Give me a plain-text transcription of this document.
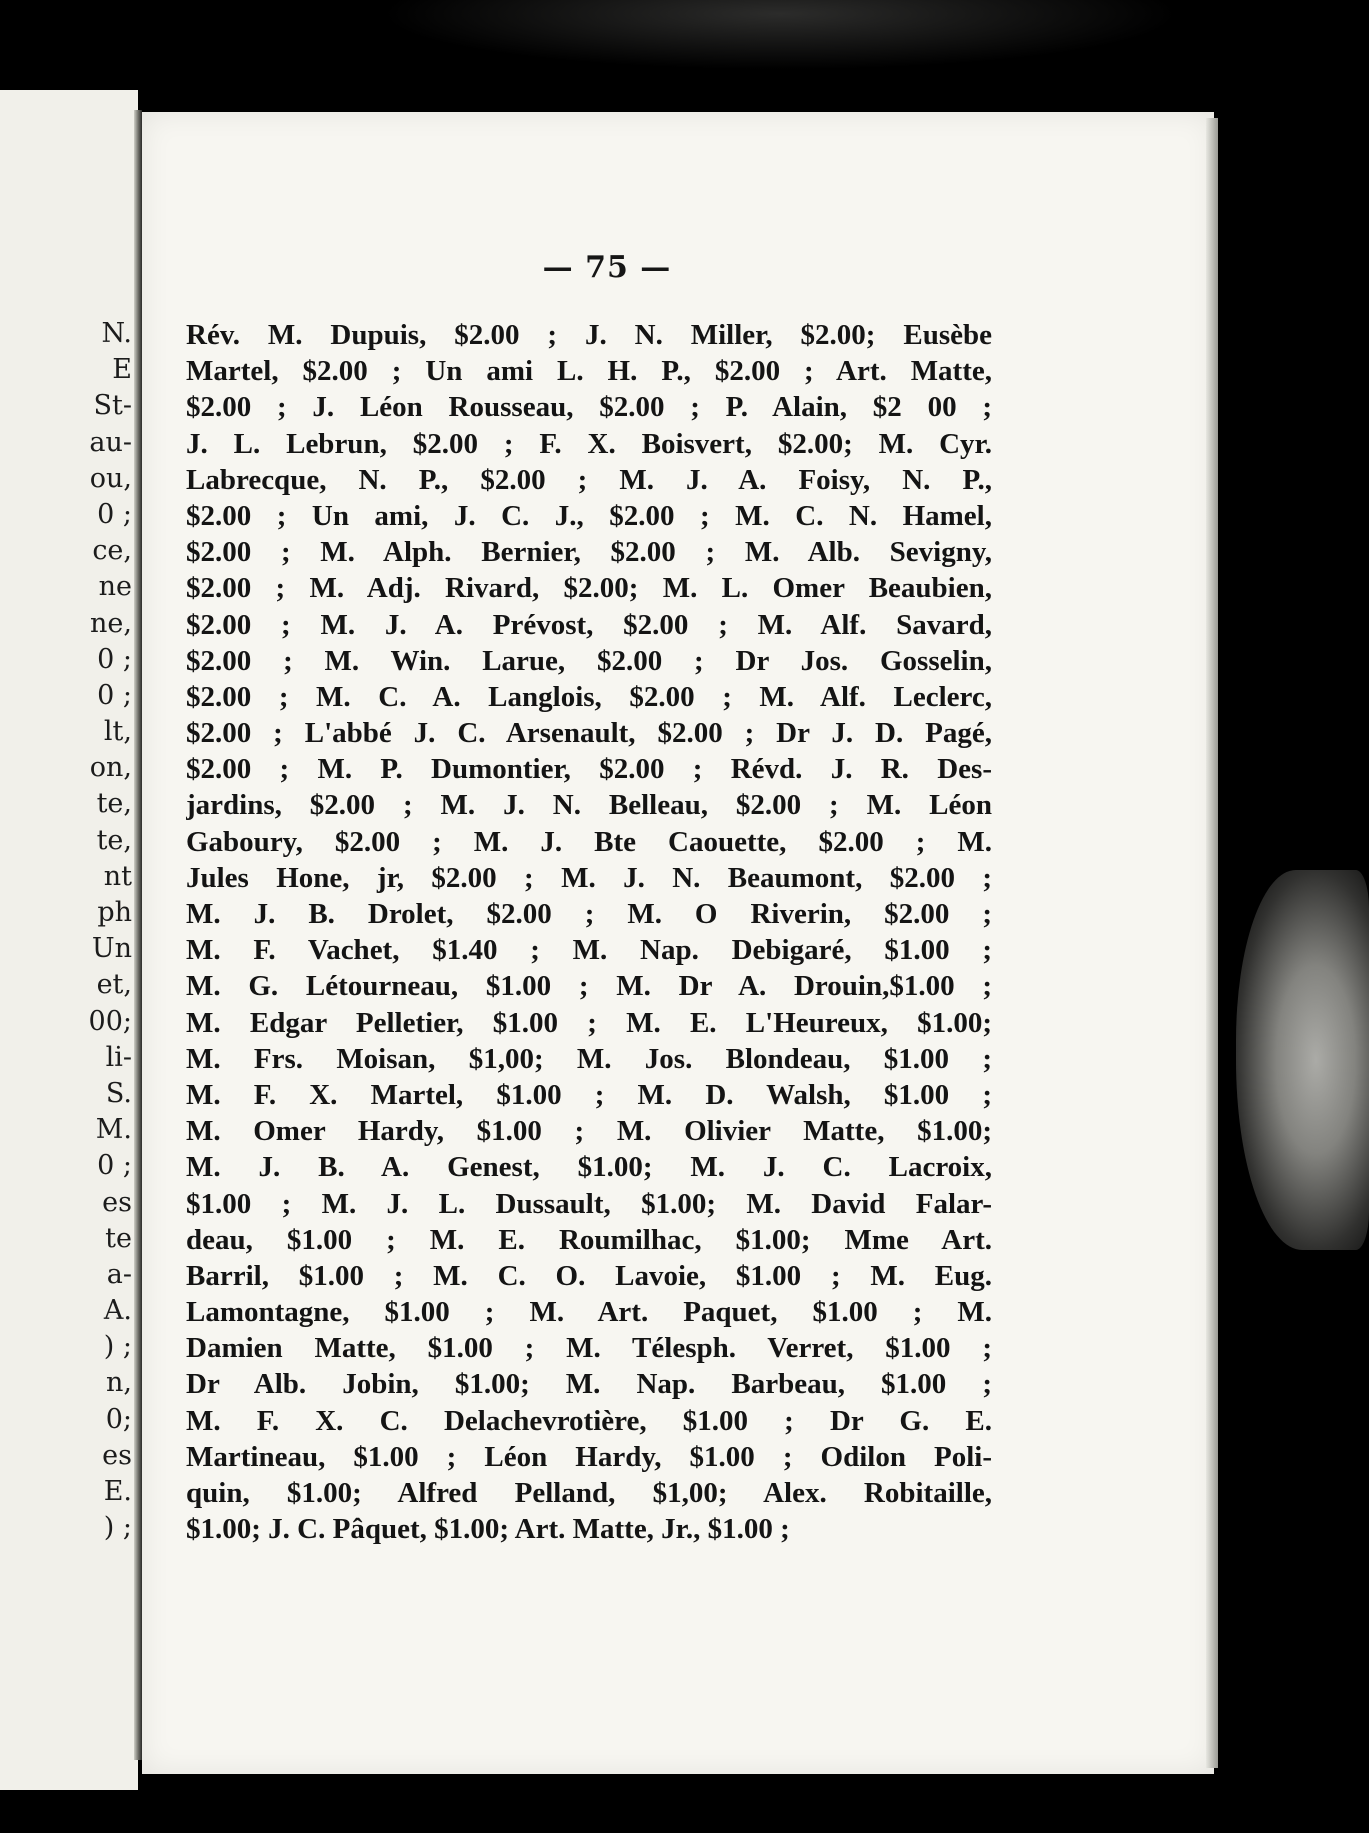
N.
E
St-
au-
ou,
0 ;
ce,
ne
ne,
0 ;
0 ;
lt,
on,
te,
te,
nt
ph
Un
et,
00;
li-
S.
M.
0 ;
es
te
a-
A.
) ;
n,
0;
es
E.
) ;
— 75 —
Rév. M. Dupuis, $2.00 ; J. N. Miller, $2.00; Eusèbe
Martel, $2.00 ; Un ami L. H. P., $2.00 ; Art. Matte,
$2.00 ; J. Léon Rousseau, $2.00 ; P. Alain, $2 00 ;
J. L. Lebrun, $2.00 ; F. X. Boisvert, $2.00; M. Cyr.
Labrecque, N. P., $2.00 ; M. J. A. Foisy, N. P.,
$2.00 ; Un ami, J. C. J., $2.00 ; M. C. N. Hamel,
$2.00 ; M. Alph. Bernier, $2.00 ; M. Alb. Sevigny,
$2.00 ; M. Adj. Rivard, $2.00; M. L. Omer Beaubien,
$2.00 ; M. J. A. Prévost, $2.00 ; M. Alf. Savard,
$2.00 ; M. Win. Larue, $2.00 ; Dr Jos. Gosselin,
$2.00 ; M. C. A. Langlois, $2.00 ; M. Alf. Leclerc,
$2.00 ; L'abbé J. C. Arsenault, $2.00 ; Dr J. D. Pagé,
$2.00 ; M. P. Dumontier, $2.00 ; Révd. J. R. Des-
jardins, $2.00 ; M. J. N. Belleau, $2.00 ; M. Léon
Gaboury, $2.00 ; M. J. Bte Caouette, $2.00 ; M.
Jules Hone, jr, $2.00 ; M. J. N. Beaumont, $2.00 ;
M. J. B. Drolet, $2.00 ; M. O Riverin, $2.00 ;
M. F. Vachet, $1.40 ; M. Nap. Debigaré, $1.00 ;
M. G. Létourneau, $1.00 ; M. Dr A. Drouin,$1.00 ;
M. Edgar Pelletier, $1.00 ; M. E. L'Heureux, $1.00;
M. Frs. Moisan, $1,00; M. Jos. Blondeau, $1.00 ;
M. F. X. Martel, $1.00 ; M. D. Walsh, $1.00 ;
M. Omer Hardy, $1.00 ; M. Olivier Matte, $1.00;
M. J. B. A. Genest, $1.00; M. J. C. Lacroix,
$1.00 ; M. J. L. Dussault, $1.00; M. David Falar-
deau, $1.00 ; M. E. Roumilhac, $1.00; Mme Art.
Barril, $1.00 ; M. C. O. Lavoie, $1.00 ; M. Eug.
Lamontagne, $1.00 ; M. Art. Paquet, $1.00 ; M.
Damien Matte, $1.00 ; M. Télesph. Verret, $1.00 ;
Dr Alb. Jobin, $1.00; M. Nap. Barbeau, $1.00 ;
M. F. X. C. Delachevrotière, $1.00 ; Dr G. E.
Martineau, $1.00 ; Léon Hardy, $1.00 ; Odilon Poli-
quin, $1.00; Alfred Pelland, $1,00; Alex. Robitaille,
$1.00; J. C. Pâquet, $1.00; Art. Matte, Jr., $1.00 ;
